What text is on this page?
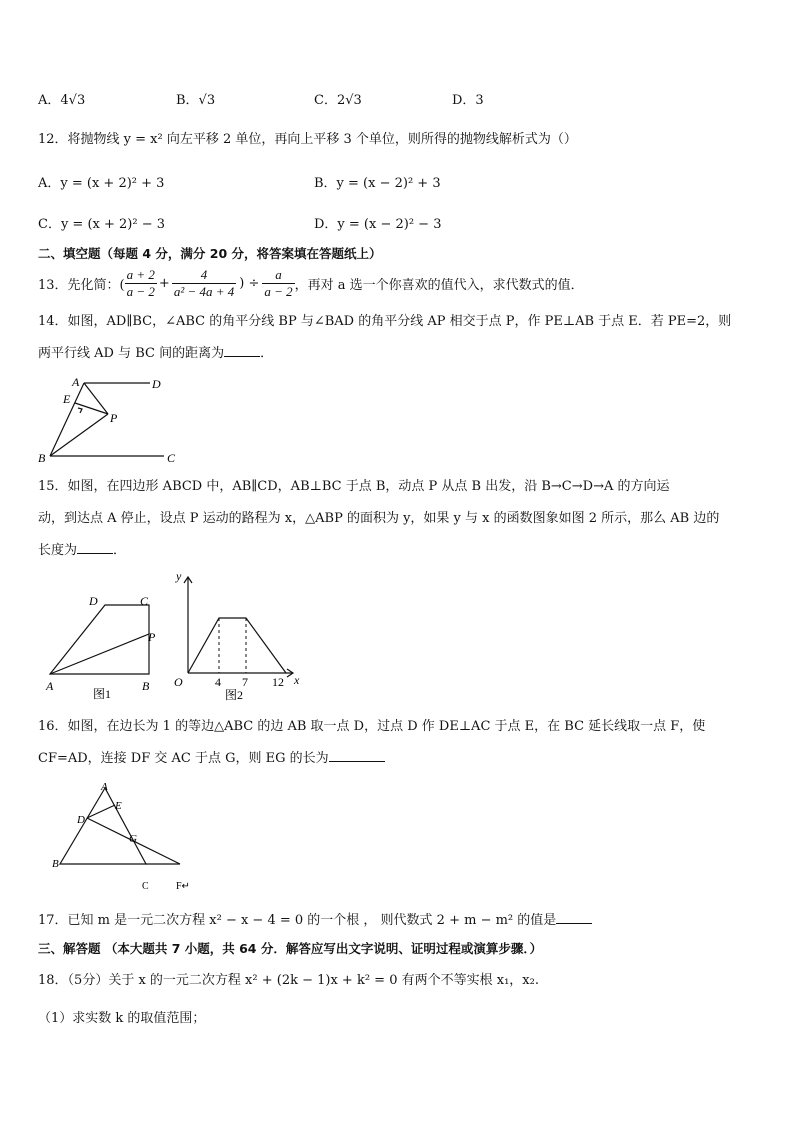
A．4√3	B．√3	C．2√3	D．3
12．将抛物线 y = x² 向左平移 2 单位，再向上平移 3 个单位，则所得的抛物线解析式为（）
A．y = (x + 2)² + 3	B．y = (x − 2)² + 3
C．y = (x + 2)² − 3	D．y = (x − 2)² − 3
二、填空题（每题 4 分，满分 20 分，将答案填在答题纸上）
13．先化简：( $\frac{a + 2}{a - 2} + \frac{4}{\text{a² − 4a + 4}}$ ) ÷ $\frac{a}{a - 2}$ ，再对 a 选一个你喜欢的值代入，求代数式的值．
14．如图，AD∥BC，∠ABC 的角平分线 BP 与∠BAD 的角平分线 AP 相交于点 P，作 PE⊥AB 于点 E．若 PE=2，则
两平行线 AD 与 BC 间的距离为	．
A	D
E
P
B	C
15．如图，在四边形 ABCD 中，AB∥CD，AB⊥BC 于点 B，动点 P 从点 B 出发，沿 B→C→D→A 的方向运
动，到达点 A 停止，设点 P 运动的路程为 x，△ABP 的面积为 y，如果 y 与 x 的函数图象如图 2 所示，那么 AB 边的
长度为	．
D	C
P
A	B
图1
y
O	4 7 12 x
图2
16．如图，在边长为 1 的等边△ABC 的边 AB 取一点 D，过点 D 作 DE⊥AC 于点 E，在 BC 延长线取一点 F，使
CF=AD，连接 DF 交 AC 于点 G，则 EG 的长为
A
E
D
G
B
C	F↵
17．已知 m 是一元二次方程 x² − x − 4 = 0 的一个根 ， 则代数式 2 + m − m² 的值是
三、解答题 （本大题共 7 小题，共 64 分．解答应写出文字说明、证明过程或演算步骤．）
18．（5分）关于 x 的一元二次方程 x² + (2k − 1)x + k² = 0 有两个不等实根 x₁，x₂.
（1）求实数 k 的取值范围；
